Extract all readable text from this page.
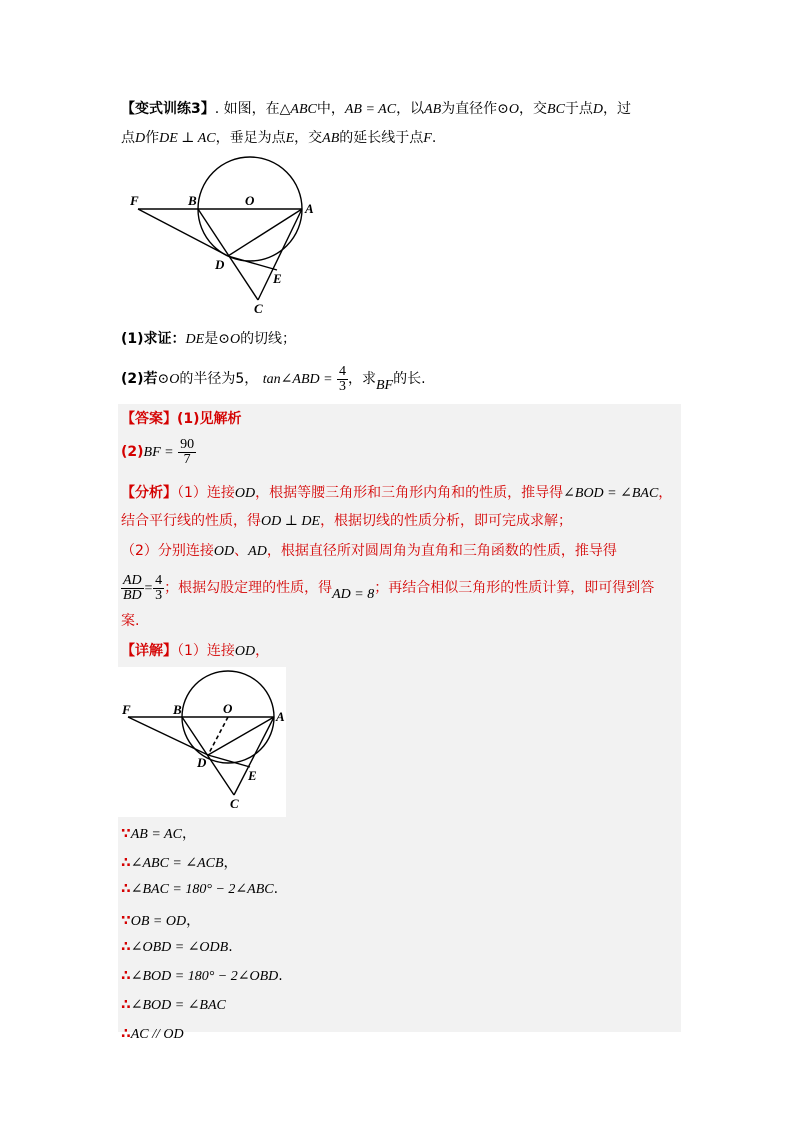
【变式训练3】. 如图，在△ABC中，AB = AC，以AB为直径作⊙O，交BC于点D，过
点D作DE ⊥ AC，垂足为点E，交AB的延长线于点F.
F	B	O
A
D
E
C
(1)求证：DE是⊙O的切线；
(2)若⊙O的半径为5， tan∠ABD = $\frac{4}{3}$ ，求BF的长.
【答案】(1)见解析
$(2)BF = \frac{90}{7}$
【分析】（1）连接OD，根据等腰三角形和三角形内角和的性质，推导得∠BOD = ∠BAC，
结合平行线的性质，得OD ⊥ DE，根据切线的性质分析，即可完成求解；
（2）分别连接OD、AD，根据直径所对圆周角为直角和三角函数的性质，推导得
$\frac{AD}{BD} = \frac{4}{3}$ ；根据勾股定理的性质，得AD = 8；再结合相似三角形的性质计算，即可得到答
案.
【详解】（1）连接OD，
F	B	O
A
D
E
C
∵AB = AC，
∴∠ABC = ∠ACB，
∴∠BAC = 180° − 2∠ABC.
∵OB = OD，
∴∠OBD = ∠ODB.
∴∠BOD = 180° − 2∠OBD.
∴∠BOD = ∠BAC
∴AC // OD
